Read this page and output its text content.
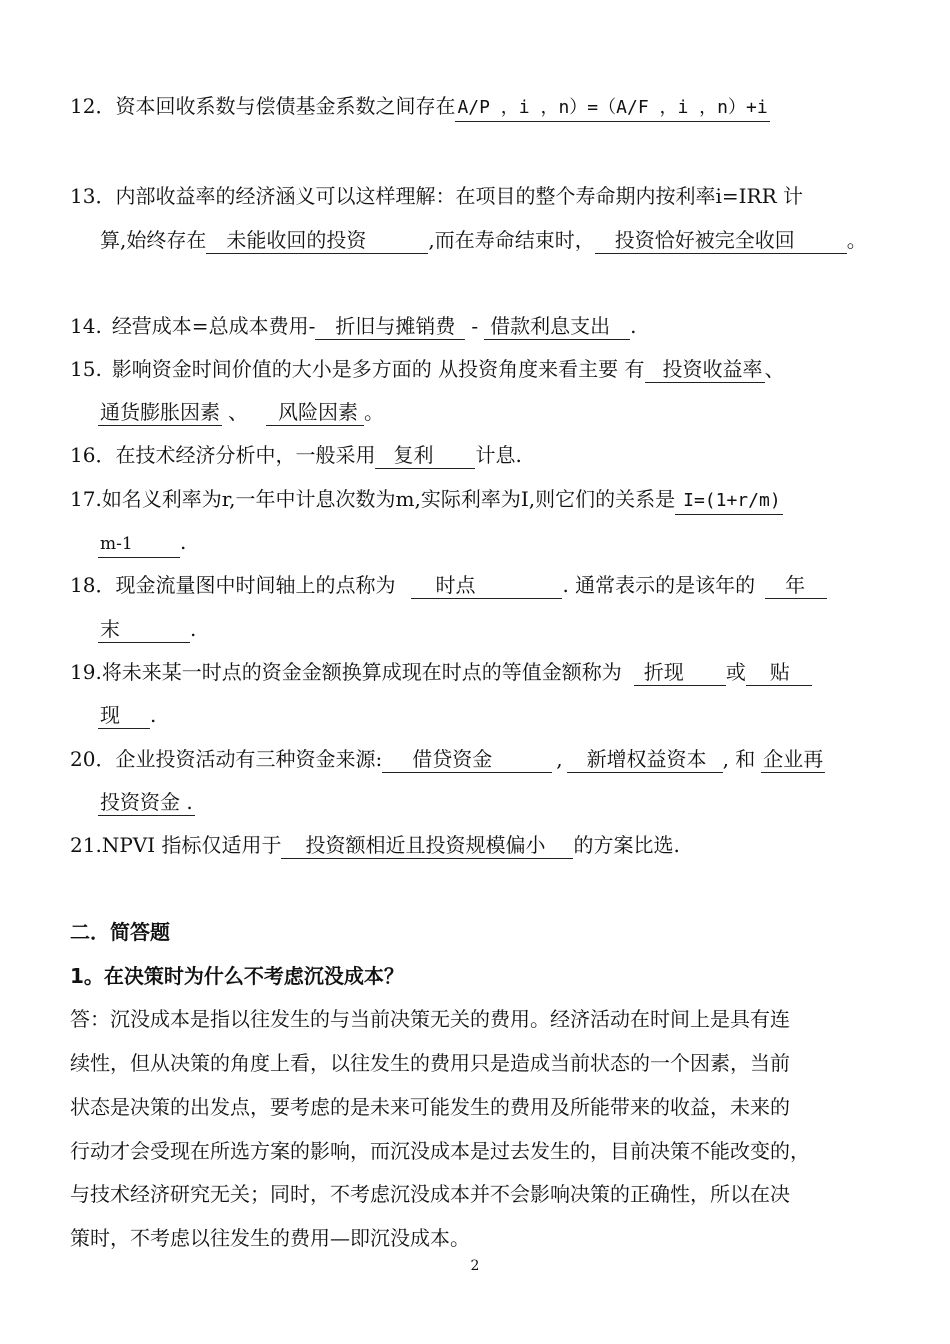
12．资本回收系数与偿债基金系数之间存在 A/P ，i ，n）=（A/F ，i ，n）+i
13．内部收益率的经济涵义可以这样理解：在项目的整个寿命期内按利率i=IRR 计
算,始终存在 未能收回的投资	,而在寿命结束时， 投资恰好被完全收回	。
14. 经营成本=总成本费用- 折旧与摊销费 - 借款利息支出 .
15. 影响资金时间价值的大小是多方面的 从投资角度来看主要 有 投资收益率 、
通货膨胀因素 、 风险因素 。
16．在技术经济分析中，一般采用 复利 计息.
17.如名义利率为r,一年中计息次数为m,实际利率为I,则它们的关系是 I=(1+r/m)
m-1 .
18．现金流量图中时间轴上的点称为 时点	. 通常表示的是该年的 年
末	.
19.将未来某一时点的资金金额换算成现在时点的等值金额称为 折现 或 贴
现 .
20．企业投资活动有三种资金来源: 借贷资金	, 新增权益资本 , 和 企业再
投资资金 .
21.NPVI 指标仅适用于 投资额相近且投资规模偏小 的方案比选.
二．简答题
1。在决策时为什么不考虑沉没成本？
答：沉没成本是指以往发生的与当前决策无关的费用。经济活动在时间上是具有连
续性，但从决策的角度上看，以往发生的费用只是造成当前状态的一个因素，当前
状态是决策的出发点，要考虑的是未来可能发生的费用及所能带来的收益，未来的
行动才会受现在所选方案的影响，而沉没成本是过去发生的，目前决策不能改变的，
与技术经济研究无关；同时，不考虑沉没成本并不会影响决策的正确性，所以在决
策时，不考虑以往发生的费用—即沉没成本。
2
